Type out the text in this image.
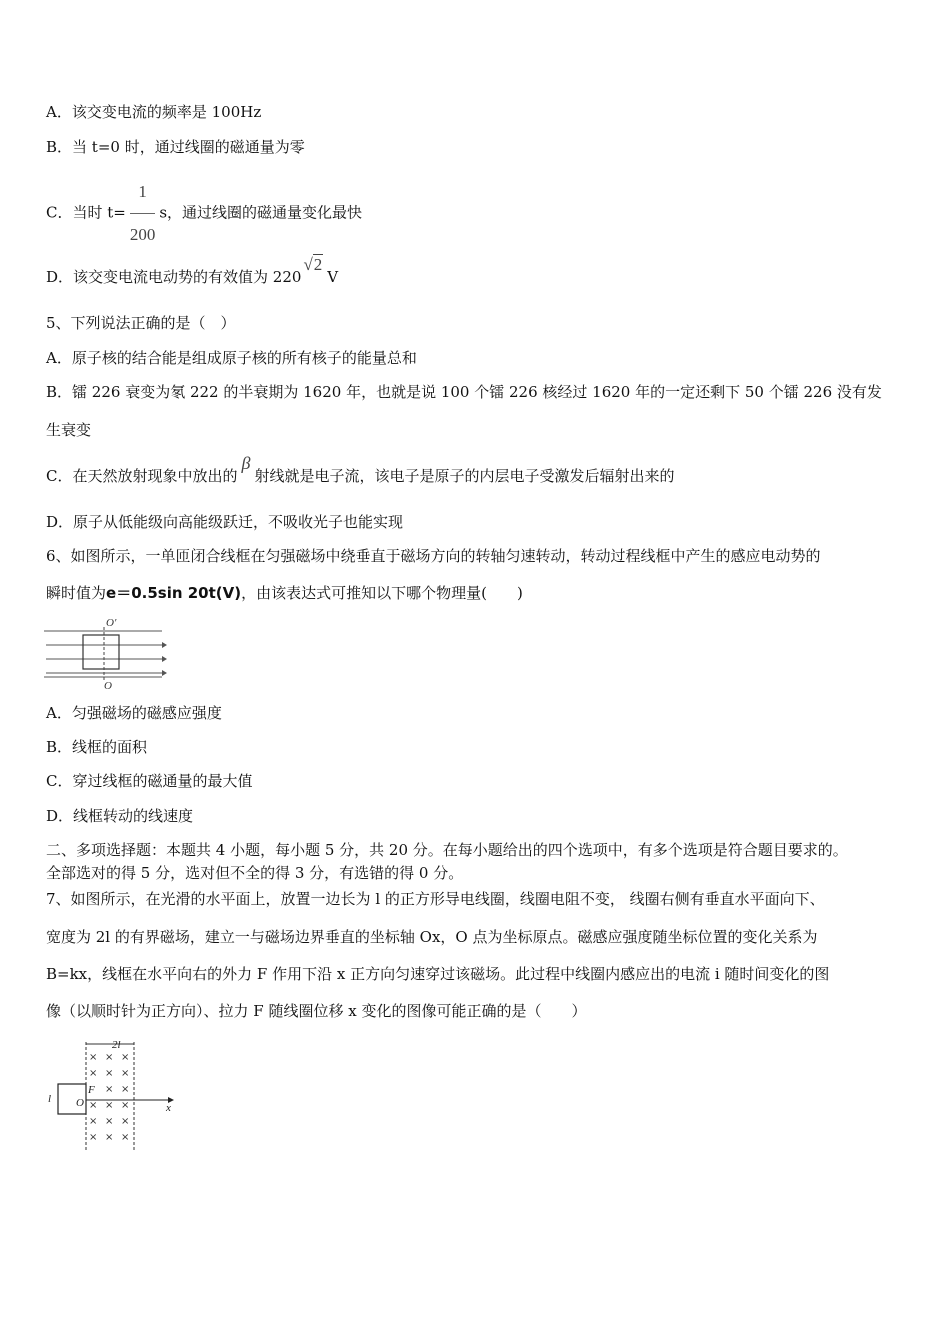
A．该交变电流的频率是 100Hz
B．当 t=0 时，通过线圈的磁通量为零
C．当时 $t= \frac{1}{200}$ s，通过线圈的磁通量变化最快
D．该交变电流电动势的有效值为 220√2V
5、下列说法正确的是（　）
A．原子核的结合能是组成原子核的所有核子的能量总和
B．镭 226 衰变为氡 222 的半衰期为 1620 年，也就是说 100 个镭 226 核经过 1620 年的一定还剩下 50 个镭 226 没有发
生衰变
C．在天然放射现象中放出的β射线就是电子流，该电子是原子的内层电子受激发后辐射出来的
D．原子从低能级向高能级跃迁，不吸收光子也能实现
6、如图所示，一单匝闭合线框在匀强磁场中绕垂直于磁场方向的转轴匀速转动，转动过程线框中产生的感应电动势的
瞬时值为e＝0.5sin 20t(V)，由该表达式可推知以下哪个物理量(　　)
O′
O
A．匀强磁场的磁感应强度
B．线框的面积
C．穿过线框的磁通量的最大值
D．线框转动的线速度
二、多项选择题：本题共 4 小题，每小题 5 分，共 20 分。在每小题给出的四个选项中，有多个选项是符合题目要求的。
全部选对的得 5 分，选对但不全的得 3 分，有选错的得 0 分。
7、如图所示，在光滑的水平面上，放置一边长为 l 的正方形导电线圈，线圈电阻不变， 线圈右侧有垂直水平面向下、
宽度为 2l 的有界磁场，建立一与磁场边界垂直的坐标轴 Ox，O 点为坐标原点。磁感应强度随坐标位置的变化关系为
B=kx，线框在水平向右的外力 F 作用下沿 x 正方向匀速穿过该磁场。此过程中线圈内感应出的电流 i 随时间变化的图
像（以顺时针为正方向）、拉力 F 随线圈位移 x 变化的图像可能正确的是（　　）
2l
l O
F
x
× × ×
× × ×
× ×
× × ×
× × ×
× × ×
